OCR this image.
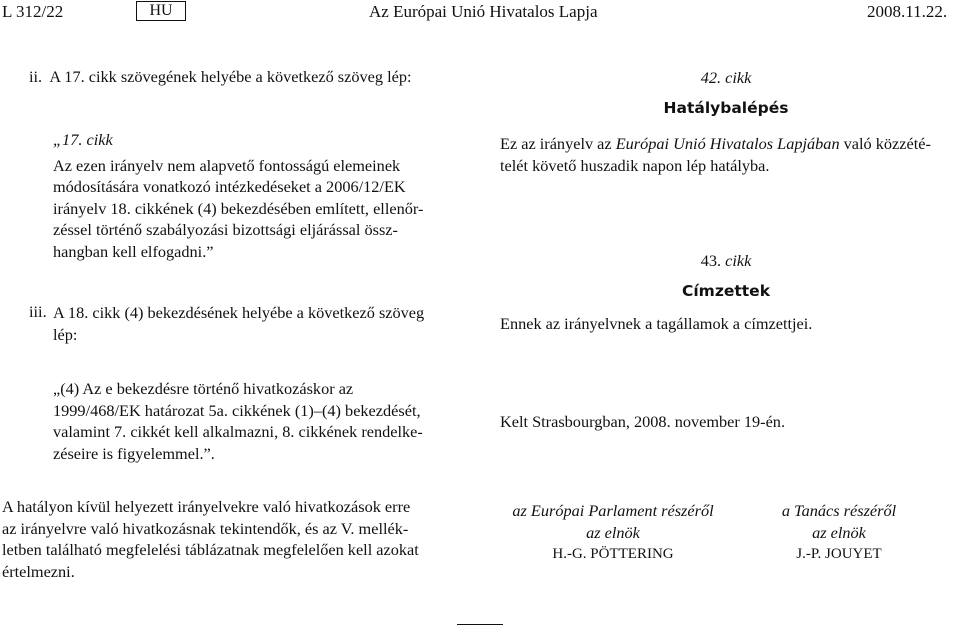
L 312/22	HU	Az Európai Unió Hivatalos Lapja	2008.11.22.

ii. A 17. cikk szövegének helyébe a következő szöveg lép:

„17. cikk

Az ezen irányelv nem alapvető fontosságú elemeinek

módosítására vonatkozó intézkedéseket a 2006/12/EK

irányelv 18. cikkének (4) bekezdésében említett, ellenőr-

zéssel történő szabályozási bizottsági eljárással össz-

hangban kell elfogadni.”

iii. A 18. cikk (4) bekezdésének helyébe a következő szöveg

lép:

„(4) Az e bekezdésre történő hivatkozáskor az

1999/468/EK határozat 5a. cikkének (1)–(4) bekezdését,

valamint 7. cikkét kell alkalmazni, 8. cikkének rendelke-

zéseire is figyelemmel.”.

A hatályon kívül helyezett irányelvekre való hivatkozások erre

az irányelvre való hivatkozásnak tekintendők, és az V. mellék-

letben található megfelelési táblázatnak megfelelően kell azokat

értelmezni.

42. cikk
Hatálybalépés

Ez az irányelv az Európai Unió Hivatalos Lapjában való közzété-

telét követő huszadik napon lép hatályba.

43. cikk
Címzettek
Ennek az irányelvnek a tagállamok a címzettjei.
Kelt Strasbourgban, 2008. november 19-én.

az Európai Parlament részéről

az elnök

H.-G. PÖTTERING

a Tanács részéről

az elnök

J.-P. JOUYET
